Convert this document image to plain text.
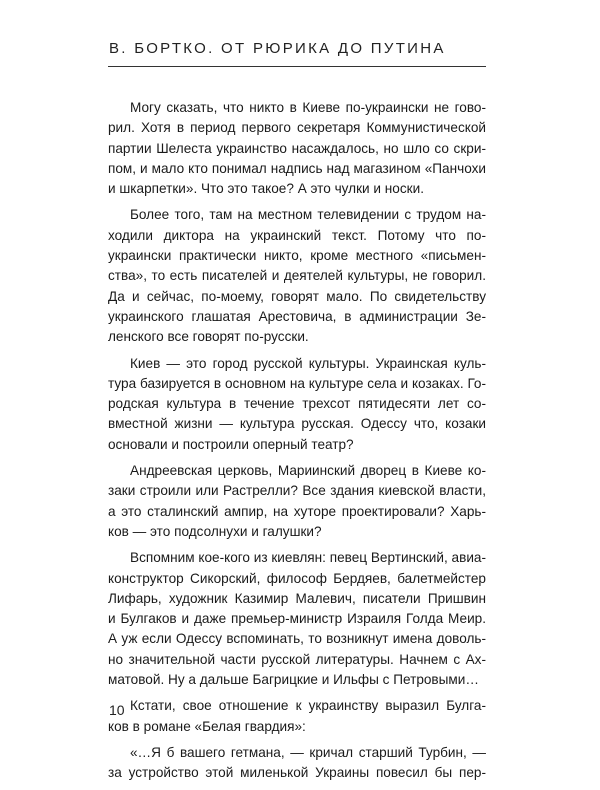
В. БОРТКО. ОТ РЮРИКА ДО ПУТИНА
Могу сказать, что никто в Киеве по-украински не гово-
рил. Хотя в период первого секретаря Коммунистической
партии Шелеста украинство насаждалось, но шло со скри-
пом, и мало кто понимал надпись над магазином «Панчохи
и шкарпетки». Что это такое? А это чулки и носки.
Более того, там на местном телевидении с трудом на-
ходили диктора на украинский текст. Потому что по-
украински практически никто, кроме местного «письмен-
ства», то есть писателей и деятелей культуры, не говорил.
Да и сейчас, по-моему, говорят мало. По свидетельству
украинского глашатая Арестовича, в администрации Зе-
ленского все говорят по-русски.
Киев — это город русской культуры. Украинская куль-
тура базируется в основном на культуре села и козаках. Го-
родская культура в течение трехсот пятидесяти лет со-
вместной жизни — культура русская. Одессу что, козаки
основали и построили оперный театр?
Андреевская церковь, Мариинский дворец в Киеве ко-
заки строили или Растрелли? Все здания киевской власти,
а это сталинский ампир, на хуторе проектировали? Харь-
ков — это подсолнухи и галушки?
Вспомним кое-кого из киевлян: певец Вертинский, авиа-
конструктор Сикорский, философ Бердяев, балетмейстер
Лифарь, художник Казимир Малевич, писатели Пришвин
и Булгаков и даже премьер-министр Израиля Голда Меир.
А уж если Одессу вспоминать, то возникнут имена доволь-
но значительной части русской литературы. Начнем с Ах-
матовой. Ну а дальше Багрицкие и Ильфы с Петровыми…
Кстати, свое отношение к украинству выразил Булга-
ков в романе «Белая гвардия»:
«…Я б вашего гетмана, — кричал старший Турбин, —
за устройство этой миленькой Украины повесил бы пер-
10
